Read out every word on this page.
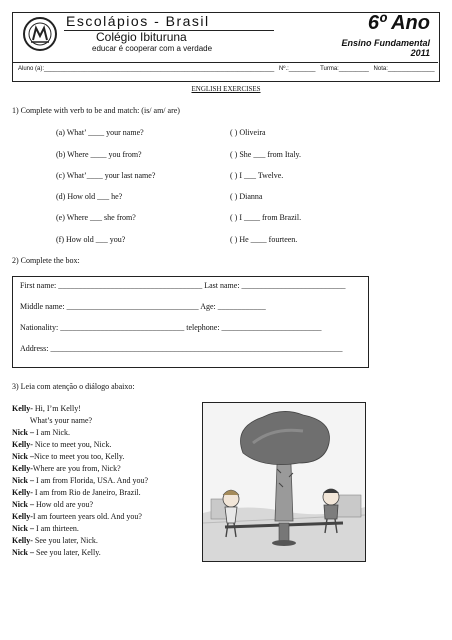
Escolápios - Brasil
Colégio Ibituruna
educar é cooperar com a verdade
6º Ano
Ensino Fundamental
2011
Aluno (a):_____________________________________________________________________ Nº.:________ Turma:_________ Nota:______________
ENGLISH EXERCISES
1) Complete with verb to be and match: (is/ am/ are)
(a) What’ ____ your name?
(b) Where ____ you from?
(c) What’____ your last name?
(d) How old ___ he?
(e) Where ___ she from?
(f) How old ___ you?
( ) Oliveira
( ) She ___ from Italy.
( ) I ___ Twelve.
( ) Dianna
( ) I ____ from Brazil.
( ) He ____ fourteen.
2) Complete the box:
First name: ____________________________________ Last name: __________________________
Middle name: _________________________________ Age: ____________
Nationality: _______________________________ telephone: _________________________
Address: _________________________________________________________________________
3) Leia com atenção o diálogo abaixo:
Kelly- Hi, I’m Kelly!
What’s your name?
Nick – I am Nick.
Kelly- Nice to meet you, Nick.
Nick –Nice to meet you too, Kelly.
Kelly-Where are you from, Nick?
Nick – I am from Florida, USA. And you?
Kelly- I am from Rio de Janeiro, Brazil.
Nick – How old are you?
Kelly-I am fourteen years old. And you?
Nick – I am thirteen.
Kelly- See you later, Nick.
Nick – See you later, Kelly.
